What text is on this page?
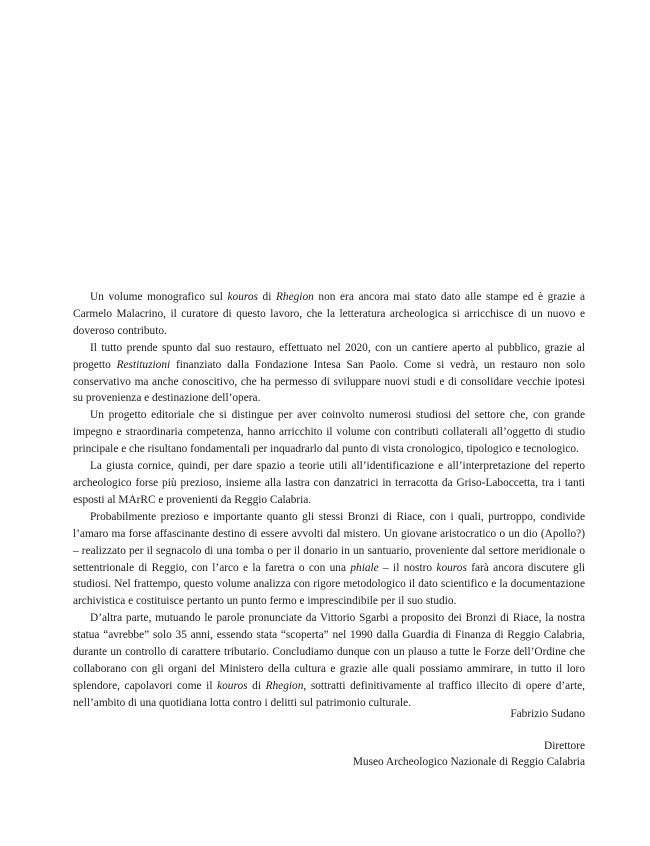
Un volume monografico sul kouros di Rhegion non era ancora mai stato dato alle stampe ed è grazie a Carmelo Malacrino, il curatore di questo lavoro, che la letteratura archeologica si arricchisce di un nuovo e doveroso contributo.

Il tutto prende spunto dal suo restauro, effettuato nel 2020, con un cantiere aperto al pubblico, grazie al progetto Restituzioni finanziato dalla Fondazione Intesa San Paolo. Come si vedrà, un restauro non solo conservativo ma anche conoscitivo, che ha permesso di sviluppare nuovi studi e di consolidare vecchie ipotesi su provenienza e destinazione dell’opera.

Un progetto editoriale che si distingue per aver coinvolto numerosi studiosi del settore che, con grande impegno e straordinaria competenza, hanno arricchito il volume con contributi collaterali all’oggetto di studio principale e che risultano fondamentali per inquadrarlo dal punto di vista cronologico, tipologico e tecnologico.

La giusta cornice, quindi, per dare spazio a teorie utili all’identificazione e all’interpretazione del reperto archeologico forse più prezioso, insieme alla lastra con danzatrici in terracotta da Griso-Laboccetta, tra i tanti esposti al MArRC e provenienti da Reggio Calabria.

Probabilmente prezioso e importante quanto gli stessi Bronzi di Riace, con i quali, purtroppo, condivide l’amaro ma forse affascinante destino di essere avvolti dal mistero. Un giovane aristocratico o un dio (Apollo?) – realizzato per il segnacolo di una tomba o per il donario in un santuario, proveniente dal settore meridionale o settentrionale di Reggio, con l’arco e la faretra o con una phiale – il nostro kouros farà ancora discutere gli studiosi. Nel frattempo, questo volume analizza con rigore metodologico il dato scientifico e la documentazione archivistica e costituisce pertanto un punto fermo e imprescindibile per il suo studio.

D’altra parte, mutuando le parole pronunciate da Vittorio Sgarbi a proposito dei Bronzi di Riace, la nostra statua “avrebbe” solo 35 anni, essendo stata “scoperta” nel 1990 dalla Guardia di Finanza di Reggio Calabria, durante un controllo di carattere tributario. Concludiamo dunque con un plauso a tutte le Forze dell’Ordine che collaborano con gli organi del Ministero della cultura e grazie alle quali possiamo ammirare, in tutto il loro splendore, capolavori come il kouros di Rhegion, sottratti definitivamente al traffico illecito di opere d’arte, nell’ambito di una quotidiana lotta contro i delitti sul patrimonio culturale.

Fabrizio Sudano
Direttore
Museo Archeologico Nazionale di Reggio Calabria
